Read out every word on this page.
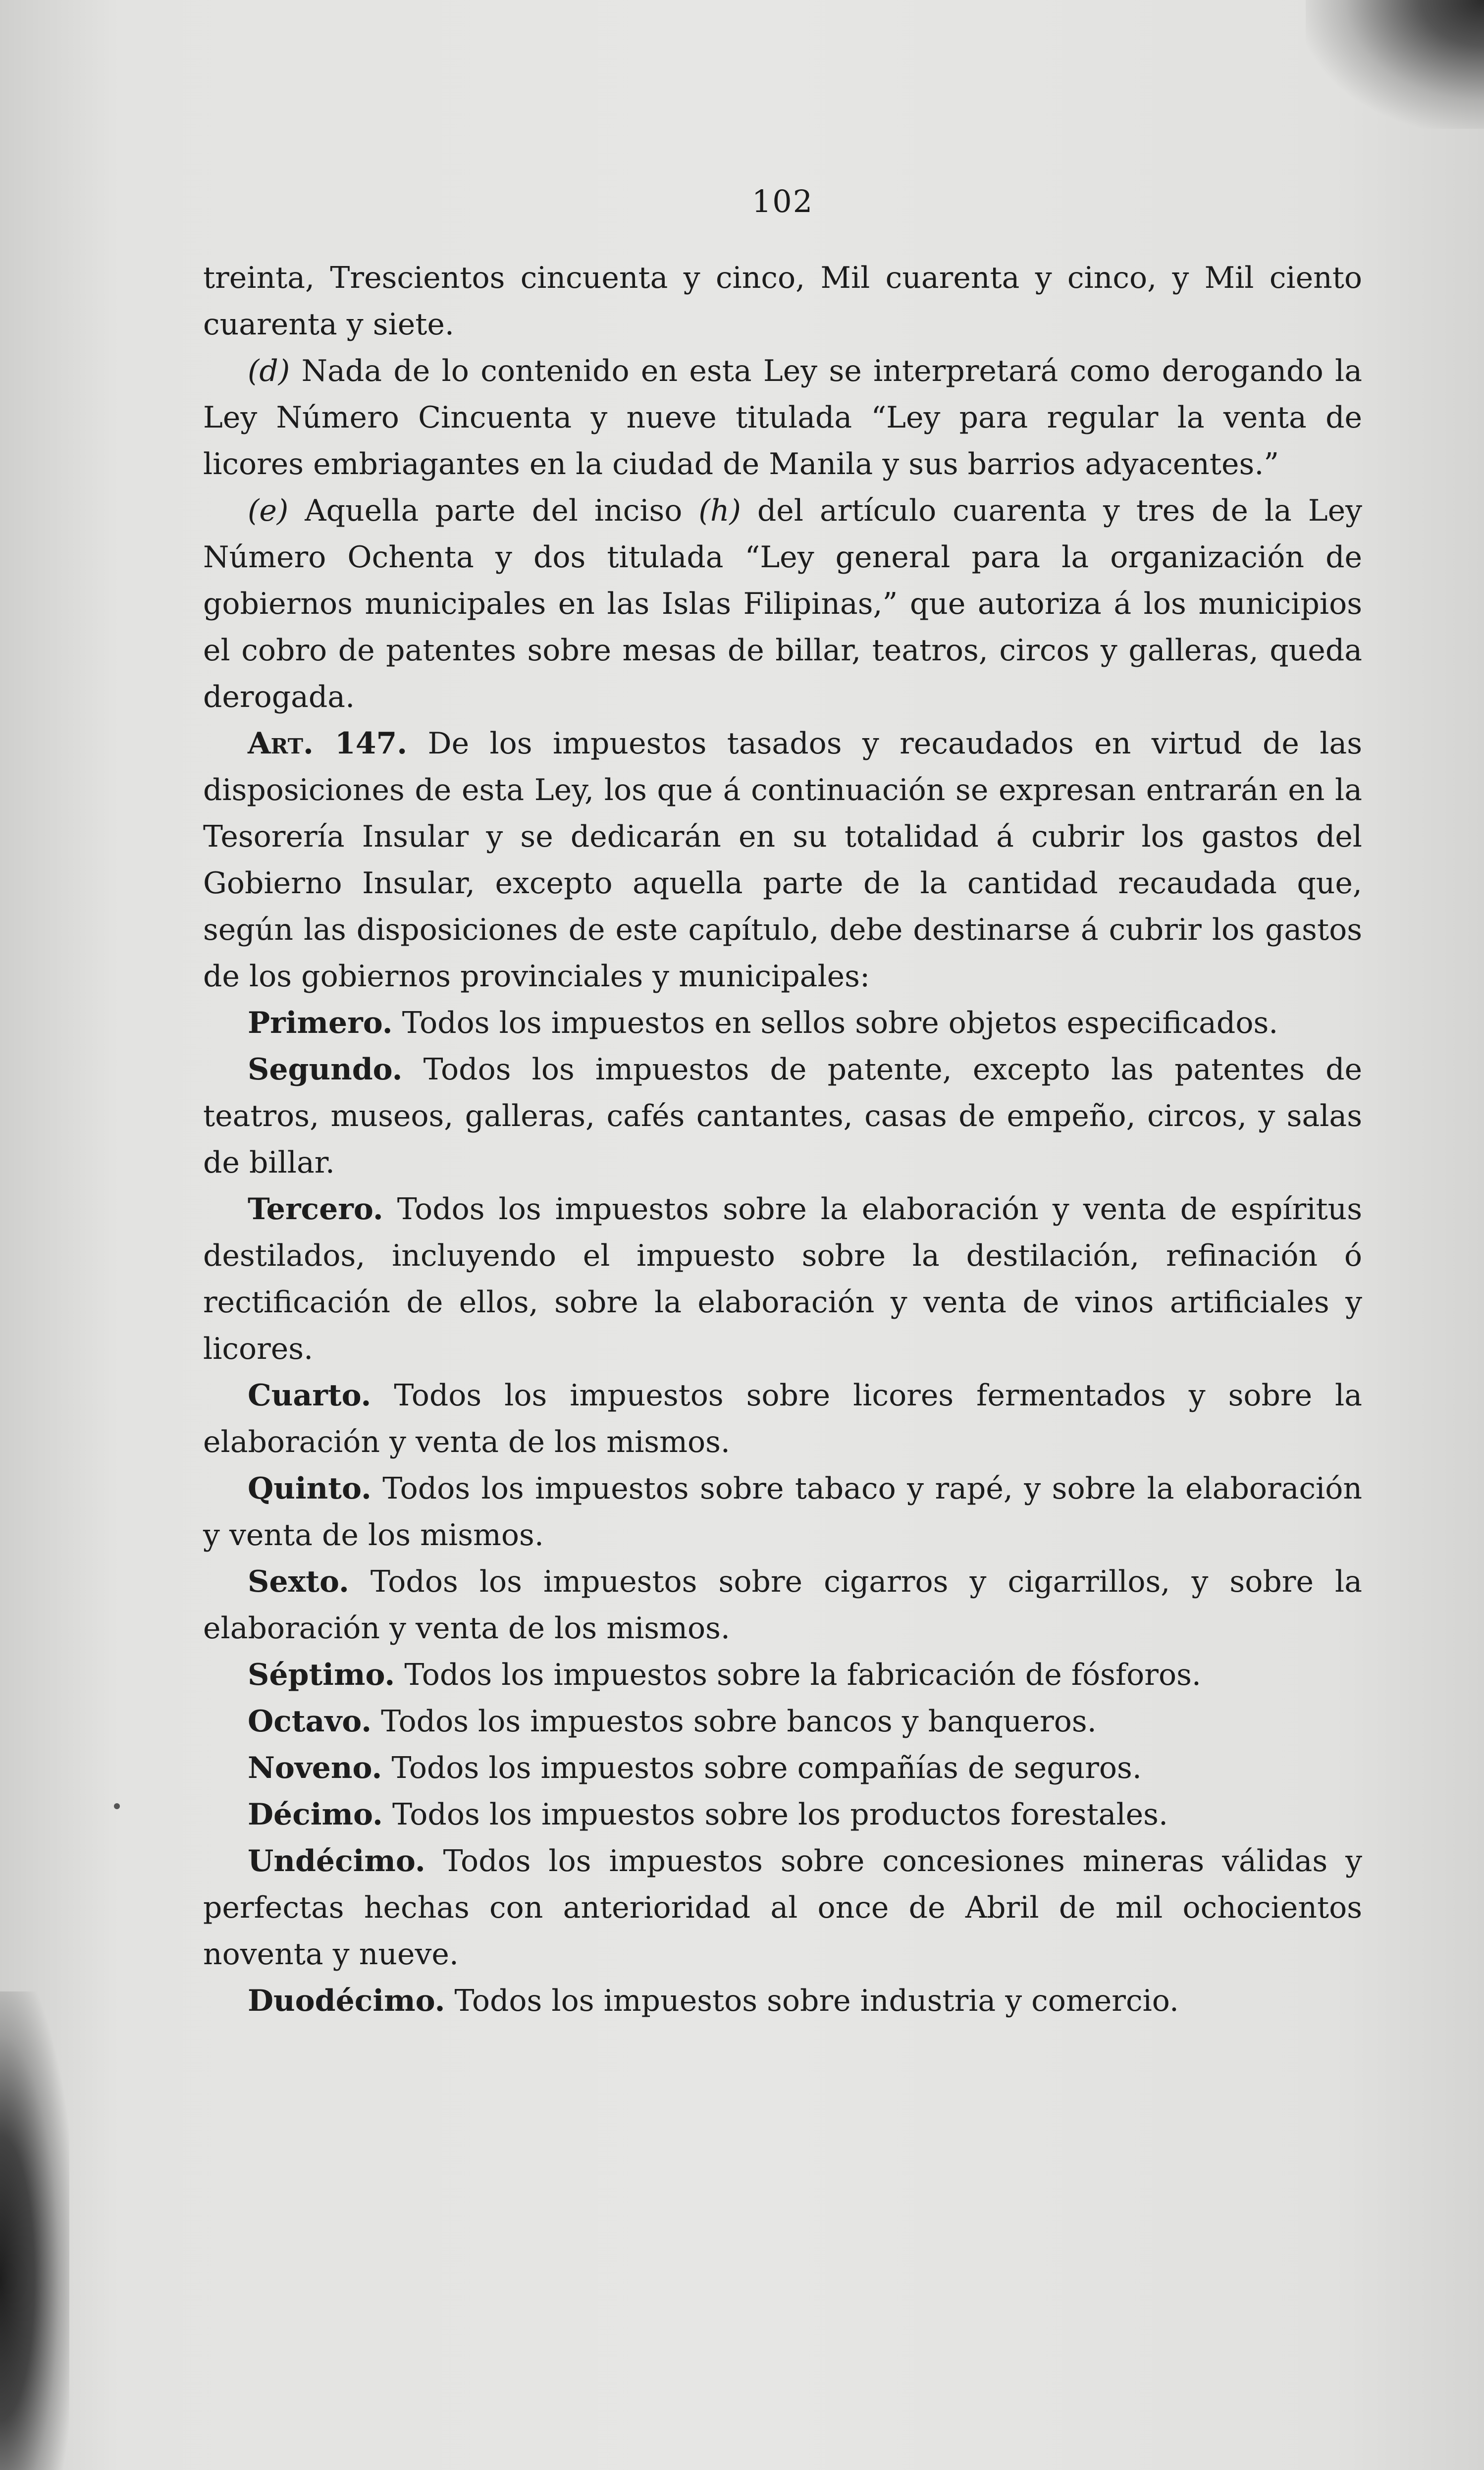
102

treinta, Trescientos cincuenta y cinco, Mil cuarenta y cinco, y Mil ciento cuarenta y siete.

(d) Nada de lo contenido en esta Ley se interpretará como derogando la Ley Número Cincuenta y nueve titulada “Ley para regular la venta de licores embriagantes en la ciudad de Manila y sus barrios adyacentes.”

(e) Aquella parte del inciso (h) del artículo cuarenta y tres de la Ley Número Ochenta y dos titulada “Ley general para la organización de gobiernos municipales en las Islas Filipinas,” que autoriza á los municipios el cobro de patentes sobre mesas de billar, teatros, circos y galleras, queda derogada.

Art. 147. De los impuestos tasados y recaudados en virtud de las disposiciones de esta Ley, los que á continuación se expresan entrarán en la Tesorería Insular y se dedicarán en su totalidad á cubrir los gastos del Gobierno Insular, excepto aquella parte de la cantidad recaudada que, según las disposiciones de este capítulo, debe destinarse á cubrir los gastos de los gobiernos provinciales y municipales:

Primero. Todos los impuestos en sellos sobre objetos especificados.

Segundo. Todos los impuestos de patente, excepto las patentes de teatros, museos, galleras, cafés cantantes, casas de empeño, circos, y salas de billar.

Tercero. Todos los impuestos sobre la elaboración y venta de espíritus destilados, incluyendo el impuesto sobre la destilación, refinación ó rectificación de ellos, sobre la elaboración y venta de vinos artificiales y licores.

Cuarto. Todos los impuestos sobre licores fermentados y sobre la elaboración y venta de los mismos.

Quinto. Todos los impuestos sobre tabaco y rapé, y sobre la elaboración y venta de los mismos.

Sexto. Todos los impuestos sobre cigarros y cigarrillos, y sobre la elaboración y venta de los mismos.

Séptimo. Todos los impuestos sobre la fabricación de fósforos.

Octavo. Todos los impuestos sobre bancos y banqueros.

Noveno. Todos los impuestos sobre compañías de seguros.

Décimo. Todos los impuestos sobre los productos forestales.

Undécimo. Todos los impuestos sobre concesiones mineras válidas y perfectas hechas con anterioridad al once de Abril de mil ochocientos noventa y nueve.

Duodécimo. Todos los impuestos sobre industria y comercio.
